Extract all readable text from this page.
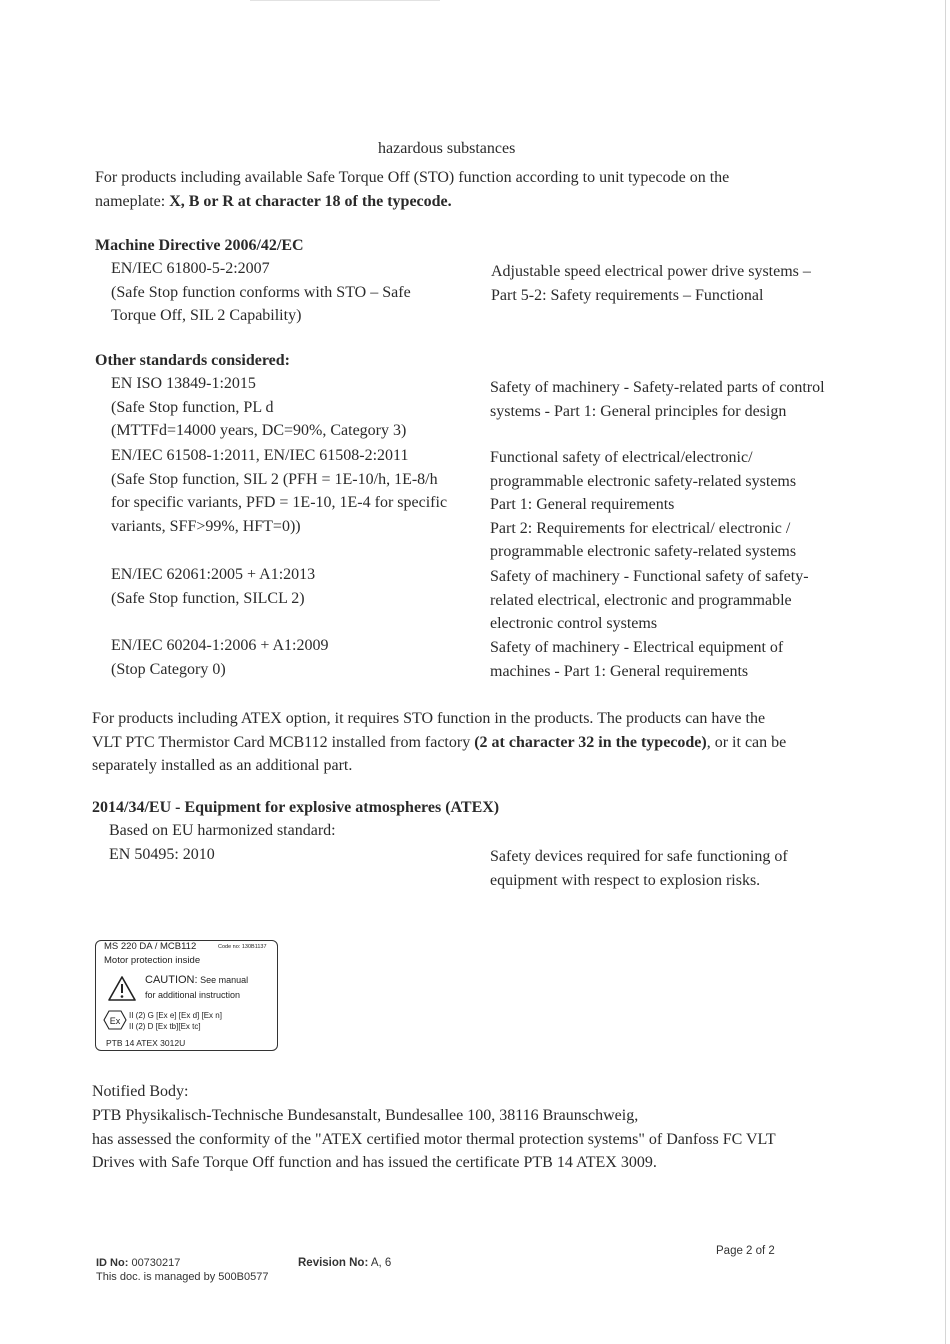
hazardous substances
For products including available Safe Torque Off (STO) function according to unit typecode on the
nameplate: X, B or R at character 18 of the typecode.
Machine Directive 2006/42/EC
EN/IEC 61800-5-2:2007
(Safe Stop function conforms with STO – Safe
Torque Off, SIL 2 Capability)
Adjustable speed electrical power drive systems –
Part 5-2: Safety requirements – Functional
Other standards considered:
EN ISO 13849-1:2015
(Safe Stop function, PL d
(MTTFd=14000 years, DC=90%, Category 3)
Safety of machinery - Safety-related parts of control
systems - Part 1: General principles for design
EN/IEC 61508-1:2011, EN/IEC 61508-2:2011
(Safe Stop function, SIL 2 (PFH = 1E-10/h, 1E-8/h
for specific variants, PFD = 1E-10, 1E-4 for specific
variants, SFF>99%, HFT=0))
Functional safety of electrical/electronic/
programmable electronic safety-related systems
Part 1: General requirements
Part 2: Requirements for electrical/ electronic /
programmable electronic safety-related systems
EN/IEC 62061:2005 + A1:2013
(Safe Stop function, SILCL 2)
Safety of machinery - Functional safety of safety-
related electrical, electronic and programmable
electronic control systems
EN/IEC 60204-1:2006 + A1:2009
(Stop Category 0)
Safety of machinery - Electrical equipment of
machines - Part 1: General requirements
For products including ATEX option, it requires STO function in the products. The products can have the
VLT PTC Thermistor Card MCB112 installed from factory (2 at character 32 in the typecode), or it can be
separately installed as an additional part.
2014/34/EU - Equipment for explosive atmospheres (ATEX)
Based on EU harmonized standard:
EN 50495: 2010	Safety devices required for safe functioning of
equipment with respect to explosion risks.
MS 220 DA / MCB112	Code no: 130B1137
Motor protection inside
CAUTION: See manual
for additional instruction
Ex
II (2) G [Ex e] [Ex d] [Ex n]
II (2) D [Ex tb][Ex tc]
PTB 14 ATEX 3012U
Notified Body:
PTB Physikalisch-Technische Bundesanstalt, Bundesallee 100, 38116 Braunschweig,
has assessed the conformity of the "ATEX certified motor thermal protection systems" of Danfoss FC VLT
Drives with Safe Torque Off function and has issued the certificate PTB 14 ATEX 3009.
ID No: 00730217
This doc. is managed by 500B0577
Revision No: A, 6
Page 2 of 2
